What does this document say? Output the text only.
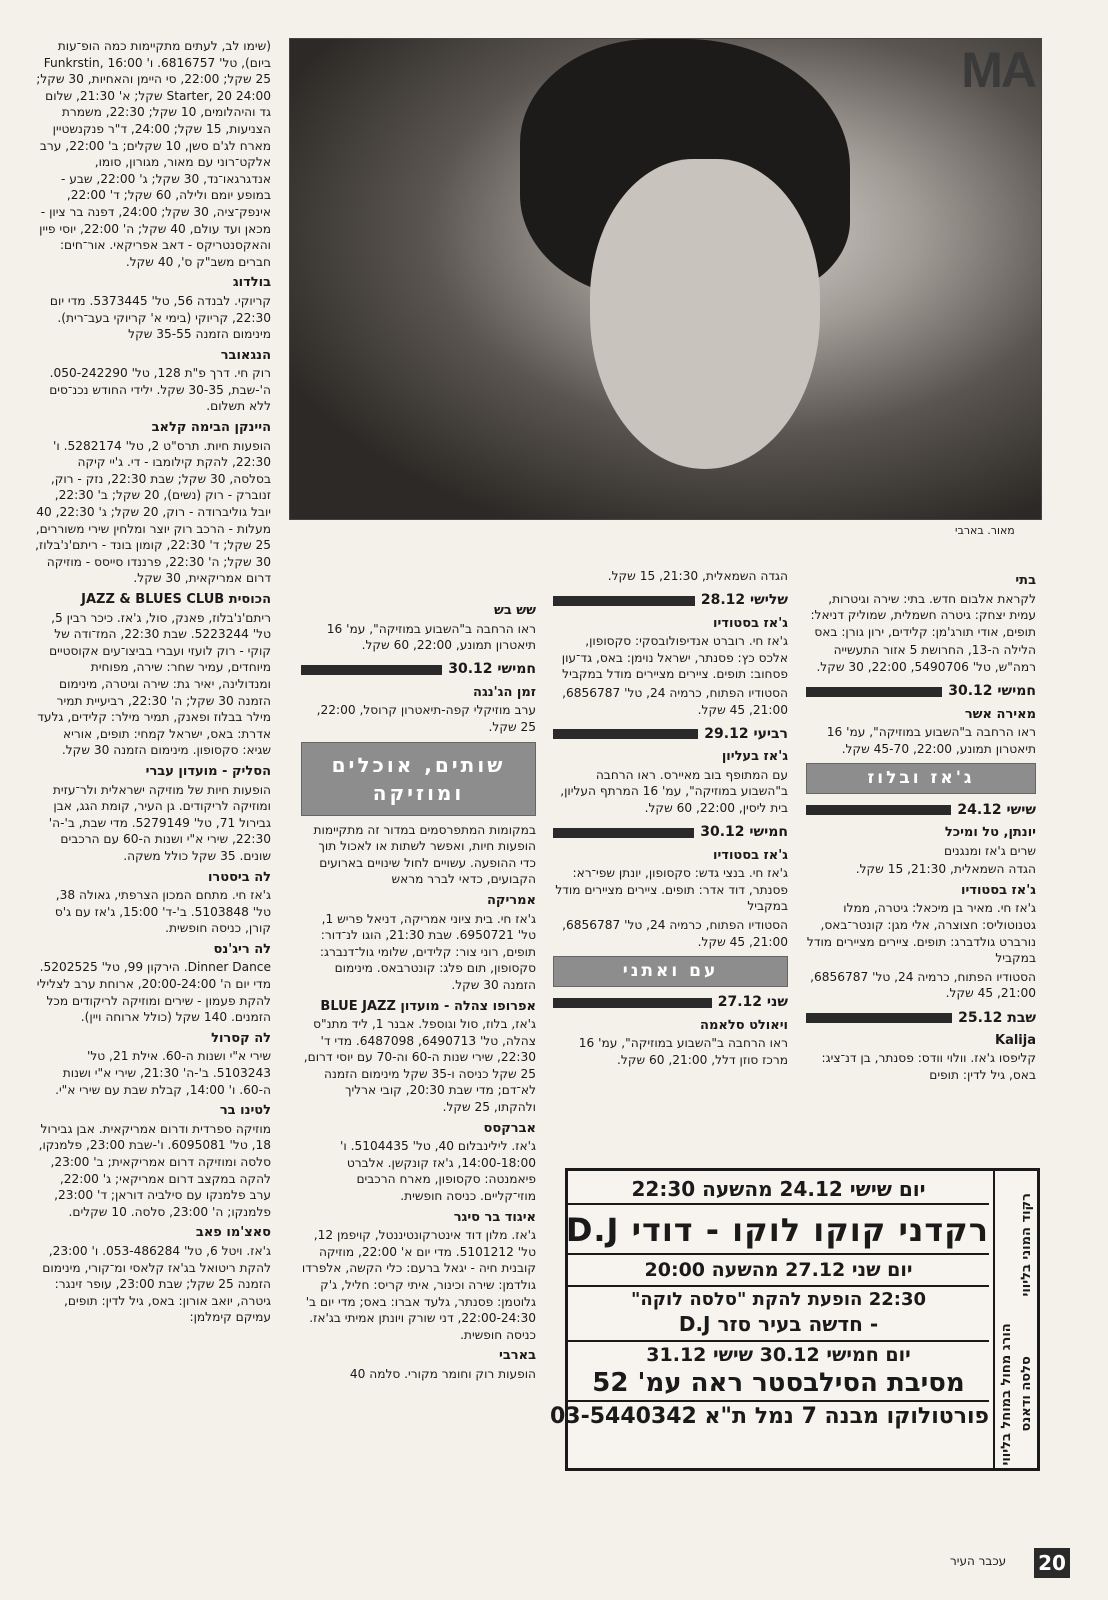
MA
מאור. בארבי
(שימו לב, לעתים מתקיימות כמה הופ־עות ביום), טל' 6816757. ו' 16:00 Funkrstin, 25 שקל; 22:00, סי היימן והאחיות, 30 שקל; 24:00 Starter, 20 שקל; א' 21:30, שלום גד והיהלומים, 10 שקל; 22:30, משמרת הצניעות, 15 שקל; 24:00, ד"ר פנקנשטיין מארח לג'ם סשן, 10 שקלים; ב' 22:00, ערב אלקט־רוני עם מאור, מגורון, סומו, אנדגרגאו־נד, 30 שקל; ג' 22:00, שבע - במופע יומם ולילה, 60 שקל; ד' 22:00, אינפק־ציה, 30 שקל; 24:00, דפנה בר ציון - מכאן ועד עולם, 40 שקל; ה' 22:00, יוסי פיין והאקסנטריקס - דאב אפריקאי. אור־חים: חברים משב"ק ס', 40 שקל.
בולדוג
קריוקי. לבנדה 56, טל' 5373445. מדי יום 22:30, קריוקי (בימי א' קריוקי בעב־רית). מינימום הזמנה 35-55 שקל
הנגאובר
רוק חי. דרך פ"ת 128, טל' 050-242290. ה'-שבת, 30-35 שקל. ילידי החודש נכנ־סים ללא תשלום.
היינקן הבימה קלאב
הופעות חיות. תרס"ט 2, טל' 5282174. ו' 22:30, להקת קילומבו - די. ג'יי קיקה בסלסה, 30 שקל; שבת 22:30, נזק - רוק, זנוברק - רוק (נשים), 20 שקל; ב' 22:30, יובל גוליברודה - רוק, 20 שקל; ג' 22:30, 40 מעלות - הרכב רוק יוצר ומלחין שירי משוררים, 25 שקל; ד' 22:30, קומון בונד - ריתם'נ'בלוז, 30 שקל; ה' 22:30, פרננדו סייסס - מוזיקה דרום אמריקאית, 30 שקל.
הכוסית JAZZ & BLUES CLUB
ריתם'נ'בלוז, פאנק, סול, ג'אז. כיכר רבין 5, טל' 5223244. שבת 22:30, המז־ודה של קוקי - רוק לועזי ועברי בביצו־עים אקוסטיים מיוחדים, עמיר שחר: שירה, מפוחית ומנדולינה, יאיר גת: שירה וגיטרה, מינימום הזמנה 30 שקל; ה' 22:30, רביעיית תמיר מילר בבלוז ופאנק, תמיר מילר: קלידים, גלעד אדרת: באס, ישראל קמחי: תופים, אוריא שגיא: סקסופון. מינימום הזמנה 30 שקל.
הסליק - מועדון עברי
הופעות חיות של מוזיקה ישראלית ולר־עזית ומוזיקה לריקודים. גן העיר, קומת הגג, אבן גבירול 71, טל' 5279149. מדי שבת, ב'-ה' 22:30, שירי א"י ושנות ה-60 עם הרכבים שונים. 35 שקל כולל משקה.
לה ביסטרו
ג'אז חי. מתחם המכון הצרפתי, גאולה 38, טל' 5103848. ב'-ד' 15:00, ג'אז עם ג'ס קורן, כניסה חופשית.
לה ריג'נס
Dinner Dance. הירקון 99, טל' 5202525. מדי יום ה' 20:00-24:00, ארוחת ערב לצלילי להקת פעמון - שירים ומוזיקה לריקודים מכל הזמנים. 140 שקל (כולל ארוחה ויין).
לה קסרול
שירי א"י ושנות ה-60. אילת 21, טל' 5103243. ב'-ה' 21:30, שירי א"י ושנות ה-60. ו' 14:00, קבלת שבת עם שירי א"י.
לטינו בר
מוזיקה ספרדית ודרום אמריקאית. אבן גבירול 18, טל' 6095081. ו'-שבת 23:00, פלמנקו, סלסה ומוזיקה דרום אמריקאית; ב' 23:00, להקה במקצב דרום אמריקאי; ג' 22:00, ערב פלמנקו עם סילביה דוראן; ד' 23:00, פלמנקו; ה' 23:00, סלסה. 10 שקלים.
סאצ'מו פאב
ג'אז. ויטל 6, טל' 053-486284. ו' 23:00, להקת ריטואל בג'אז קלאסי ומ־קורי, מינימום הזמנה 25 שקל; שבת 23:00, עופר זינגר: גיטרה, יואב אורון: באס, גיל לדין: תופים, עמיקם קימלמן:
שש בש
ראו הרחבה ב"השבוע במוזיקה", עמ' 16 תיאטרון תמונע, 22:00, 60 שקל.
חמישי 30.12
זמן הג'נגה
ערב מוזיקלי קפה-תיאטרון קרוסל, 22:00, 25 שקל.
שותים, אוכלים ומוזיקה
במקומות המתפרסמים במדור זה מתקיימות הופעות חיות, ואפשר לשתות או לאכול תוך כדי ההופעה. עשויים לחול שינויים בארועים הקבועים, כדאי לברר מראש
אמריקה
ג'אז חי. בית ציוני אמריקה, דניאל פריש 1, טל' 6950721. שבת 21:30, הוגו לנ־דור: תופים, רוני צור: קלידים, שלומי גול־דנברג: סקסופון, תום פלג: קונטרבאס. מינימום הזמנה 30 שקל.
אפרופו צהלה - מועדון BLUE JAZZ
ג'אז, בלוז, סול וגוספל. אבנר 1, ליד מתנ"ס צהלה, טל' 6490713, 6487098. מדי ד' 22:30, שירי שנות ה-60 וה-70 עם יוסי דרום, 25 שקל כניסה ו-35 שקל מינימום הזמנה לא־דם; מדי שבת 20:30, קובי ארליך ולהקתו, 25 שקל.
אברקסס
ג'אז. לילינבלום 40, טל' 5104435. ו' 14:00-18:00, ג'אז קונקשן. אלברט פיאמנטה: סקסופון, מארח הרכבים מוזי־קליים. כניסה חופשית.
איגוד בר סיגר
ג'אז. מלון דוד אינטרקונטיננטל, קויפמן 12, טל' 5101212. מדי יום א' 22:00, מוזיקה קובנית חיה - יגאל ברעם: כלי הקשה, אלפרדו גולדמן: שירה וכינור, איתי קריס: חליל, ג'ק גלוטמן: פסנתר, גלעד אברו: באס; מדי יום ב' 22:00-24:30, דני שורק ויונתן אמיתי בג'אז. כניסה חופשית.
בארבי
הופעות רוק וחומר מקורי. סלמה 40
הגדה השמאלית, 21:30, 15 שקל.
שלישי 28.12
ג'אז בסטודיו
ג'אז חי. רוברט אנדיפולובסקי: סקסופון, אלכס כץ: פסנתר, ישראל נוימן: באס, גד־עון פסחוב: תופים. ציירים מציירים מודל במקביל
הסטודיו הפתוח, כרמיה 24, טל' 6856787, 21:00, 45 שקל.
רביעי 29.12
ג'אז בעליון
עם המתופף בוב מאיירס. ראו הרחבה ב"השבוע במוזיקה", עמ' 16 המרתף העליון, בית ליסין, 22:00, 60 שקל.
חמישי 30.12
ג'אז בסטודיו
ג'אז חי. בנצי גדש: סקסופון, יונתן שפי־רא: פסנתר, דוד אדר: תופים. ציירים מציירים מודל במקביל
הסטודיו הפתוח, כרמיה 24, טל' 6856787, 21:00, 45 שקל.
עם ואתני
שני 27.12
ויאולט סלאמה
ראו הרחבה ב"השבוע במוזיקה", עמ' 16 מרכז סוזן דלל, 21:00, 60 שקל.
בתי
לקראת אלבום חדש. בתי: שירה וגיטרות, עמית יצחק: גיטרה חשמלית, שמוליק דניאל: תופים, אודי תורג'מן: קלידים, ירון גורן: באס
הלילה ה-13, החרושת 5 אזור התעשייה רמה"ש, טל' 5490706, 22:00, 30 שקל.
חמישי 30.12
מאירה אשר
ראו הרחבה ב"השבוע במוזיקה", עמ' 16 תיאטרון תמונע, 22:00, 45-70 שקל.
ג'אז ובלוז
שישי 24.12
יונתן, טל ומיכל
שרים ג'אז ומנגנים
הגדה השמאלית, 21:30, 15 שקל.
ג'אז בסטודיו
ג'אז חי. מאיר בן מיכאל: גיטרה, ממלו גטנוטוליס: חצוצרה, אלי מגן: קונטר־באס, נורברט גולדברג: תופים. ציירים מציירים מודל במקביל
הסטודיו הפתוח, כרמיה 24, טל' 6856787, 21:00, 45 שקל.
שבת 25.12
Kalija
קליפסו ג'אז. וולוי וודס: פסנתר, בן דנ־ציג: באס, גיל לדין: תופים
רקוד המוני בליווי
הורג מחול במוחל בליווי סלסה ודאנס
יום שישי 24.12 מהשעה 22:30
רקדני קוקו לוקו - דודי D.J
יום שני 27.12 מהשעה 20:00
22:30 הופעת להקת "סלסה לוקה"
- חדשה בעיר סזר D.J
יום חמישי 30.12 שישי 31.12
מסיבת הסילבסטר ראה עמ' 52
פורטולוקו מבנה 7 נמל ת"א 03-5440342
20
עכבר העיר
